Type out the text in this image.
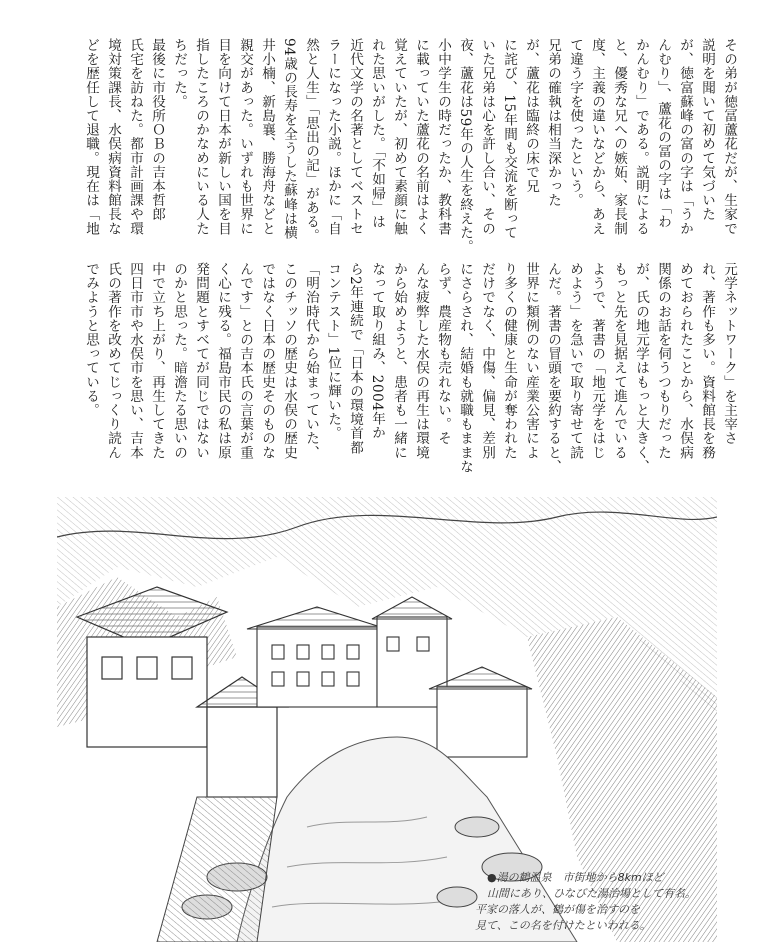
その弟が徳冨蘆花だが、生家で
説明を聞いて初めて気づいた
が、徳富蘇峰の富の字は「うか
んむり」、蘆花の冨の字は「わ
かんむり」である。説明による
と、優秀な兄への嫉妬、家長制
度、主義の違いなどから、あえ
て違う字を使ったという。
兄弟の確執は相当深かった
が、蘆花は臨終の床で兄
に詫び、15年間も交流を断って
いた兄弟は心を許し合い、その
夜、蘆花は59年の人生を終えた。
小中学生の時だったか、教科書
に載っていた蘆花の名前はよく
覚えていたが、初めて素顔に触
れた思いがした。「不如帰」は
近代文学の名著としてベストセ
ラーになった小説。ほかに「自
然と人生」「思出の記」がある。
94歳の長寿を全うした蘇峰は横
井小楠、新島襄、勝海舟などと
親交があった。いずれも世界に
目を向けて日本が新しい国を目
指したころのかなめにいる人た
ちだった。
最後に市役所ＯＢの吉本哲郎
氏宅を訪ねた。都市計画課や環
境対策課長、水俣病資料館長な
どを歴任して退職。現在は「地
●湯の鶴温泉　市街地から8kmほど
山間にあり、ひなびた湯治場として有名。
平家の落人が、鶴が傷を治すのを
見て、この名を付けたといわれる。
元学ネットワーク」を主宰さ
れ、著作も多い。資料館長を務
めておられたことから、水俣病
関係のお話を伺うつもりだった
が、氏の地元学はもっと大きく、
もっと先を見据えて進んでいる
ようで、著書の「地元学をはじ
めよう」を急いで取り寄せて読
んだ。著書の冒頭を要約すると、
世界に類例のない産業公害によ
り多くの健康と生命が奪われた
だけでなく、中傷、偏見、差別
にさらされ、結婚も就職もままな
らず、農産物も売れない。そ
んな疲弊した水俣の再生は環境
から始めようと、患者も一緒に
なって取り組み、2004年か
ら2年連続で「日本の環境首都
コンテスト」1位に輝いた。
「明治時代から始まっていた、
このチッソの歴史は水俣の歴史
ではなく日本の歴史そのものな
んです」との吉本氏の言葉が重
く心に残る。福島市民の私は原
発問題とすべてが同じではない
のかと思った。暗澹たる思いの
中で立ち上がり、再生してきた
四日市市や水俣市を思い、吉本
氏の著作を改めてじっくり読ん
でみようと思っている。
